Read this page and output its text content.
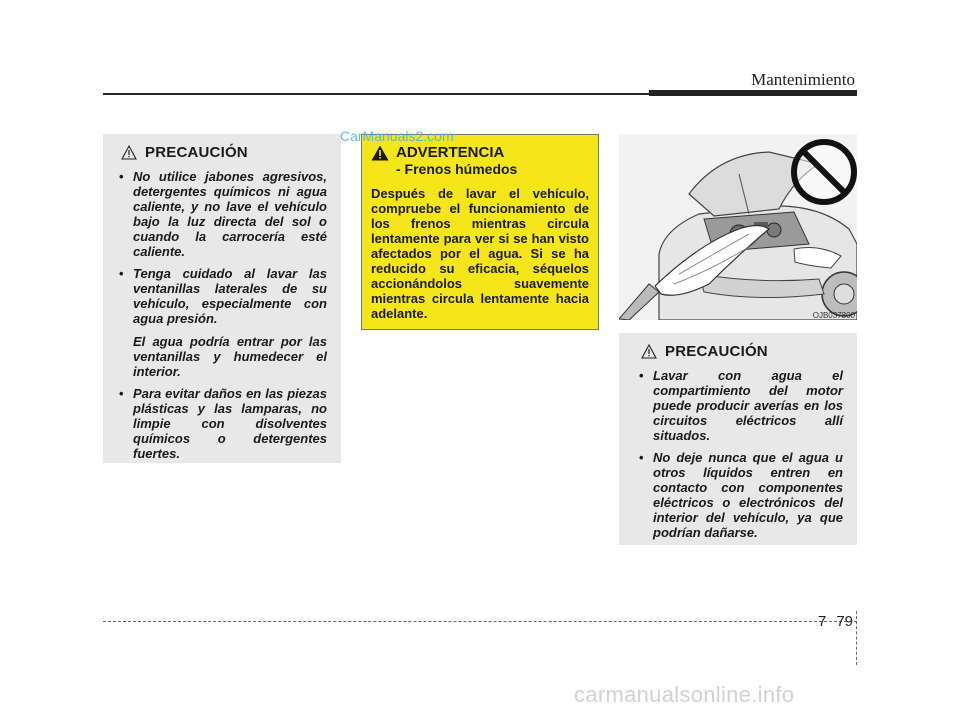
Mantenimiento
PRECAUCIÓN
• No utilice jabones agresivos, detergentes químicos ni agua caliente, y no lave el vehículo bajo la luz directa del sol o cuando la carrocería esté caliente.
• Tenga cuidado al lavar las ventanillas laterales de su vehículo, especialmente con agua presión.
El agua podría entrar por las ventanillas y humedecer el interior.
• Para evitar daños en las piezas plásticas y las lamparas, no limpie con disolventes químicos o detergentes fuertes.
ADVERTENCIA
- Frenos húmedos
Después de lavar el vehículo, compruebe el funcionamiento de los frenos mientras circula lentamente para ver si se han visto afectados por el agua. Si se ha reducido su eficacia, séquelos accionándolos suavemente mientras circula lentamente hacia adelante.	OJB037800
PRECAUCIÓN
• Lavar con agua el compartimiento del motor puede producir averías en los circuitos eléctricos allí situados.
• No deje nunca que el agua u otros líquidos entren en contacto con componentes eléctricos o electrónicos del interior del vehículo, ya que podrían dañarse.
CarManuals2.com
7 79
carmanualsonline.info
